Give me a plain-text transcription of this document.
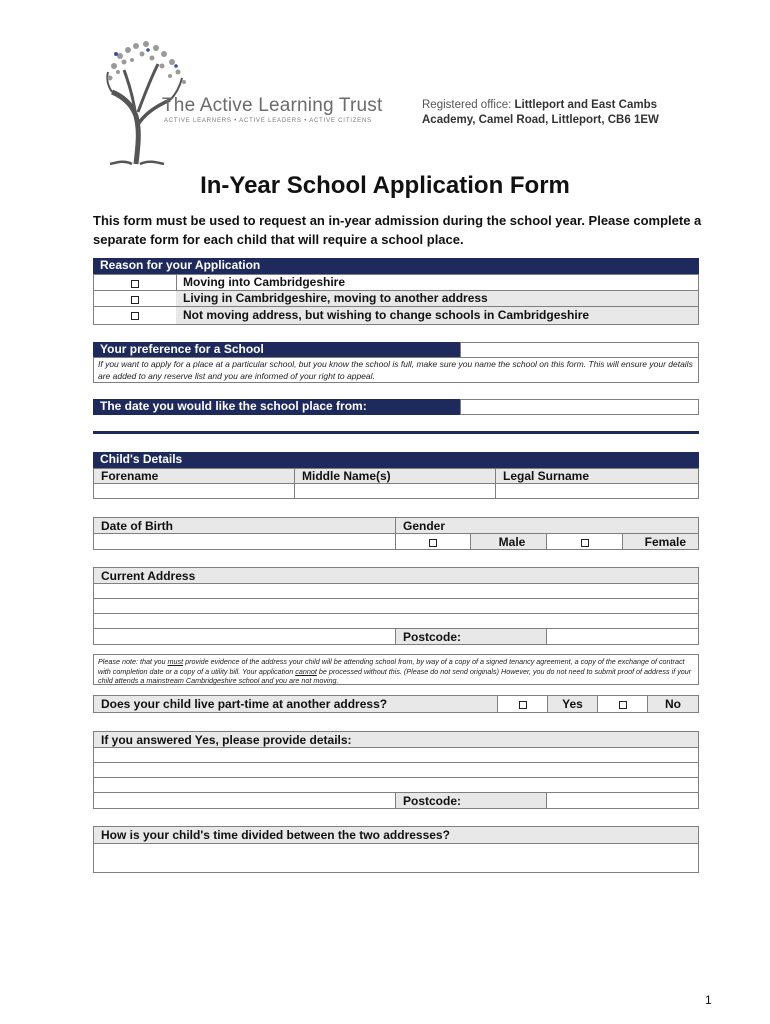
The Active Learning Trust
ACTIVE LEARNERS • ACTIVE LEADERS • ACTIVE CITIZENS
Registered office: Littleport and East Cambs
Academy, Camel Road, Littleport, CB6 1EW
In-Year School Application Form
This form must be used to request an in-year admission during the school year. Please complete a separate form for each child that will require a school place.
Reason for your Application
Moving into Cambridgeshire
Living in Cambridgeshire, moving to another address
Not moving address, but wishing to change schools in Cambridgeshire
Your preference for a School
If you want to apply for a place at a particular school, but you know the school is full, make sure you name the school on this form. This will ensure your details are added to any reserve list and you are informed of your right to appeal.
The date you would like the school place from:
Child's Details
Forename	Middle Name(s)	Legal Surname
Date of Birth	Gender
Male	Female
Current Address
Postcode:
Please note: that you must provide evidence of the address your child will be attending school from, by way of a copy of a signed tenancy agreement, a copy of the exchange of contract with completion date or a copy of a utility bill. Your application cannot be processed without this. (Please do not send originals) However, you do not need to submit proof of address if your child attends a mainstream Cambridgeshire school and you are not moving.
Does your child live part-time at another address?	Yes	No
If you answered Yes, please provide details:
Postcode:
How is your child's time divided between the two addresses?
1
